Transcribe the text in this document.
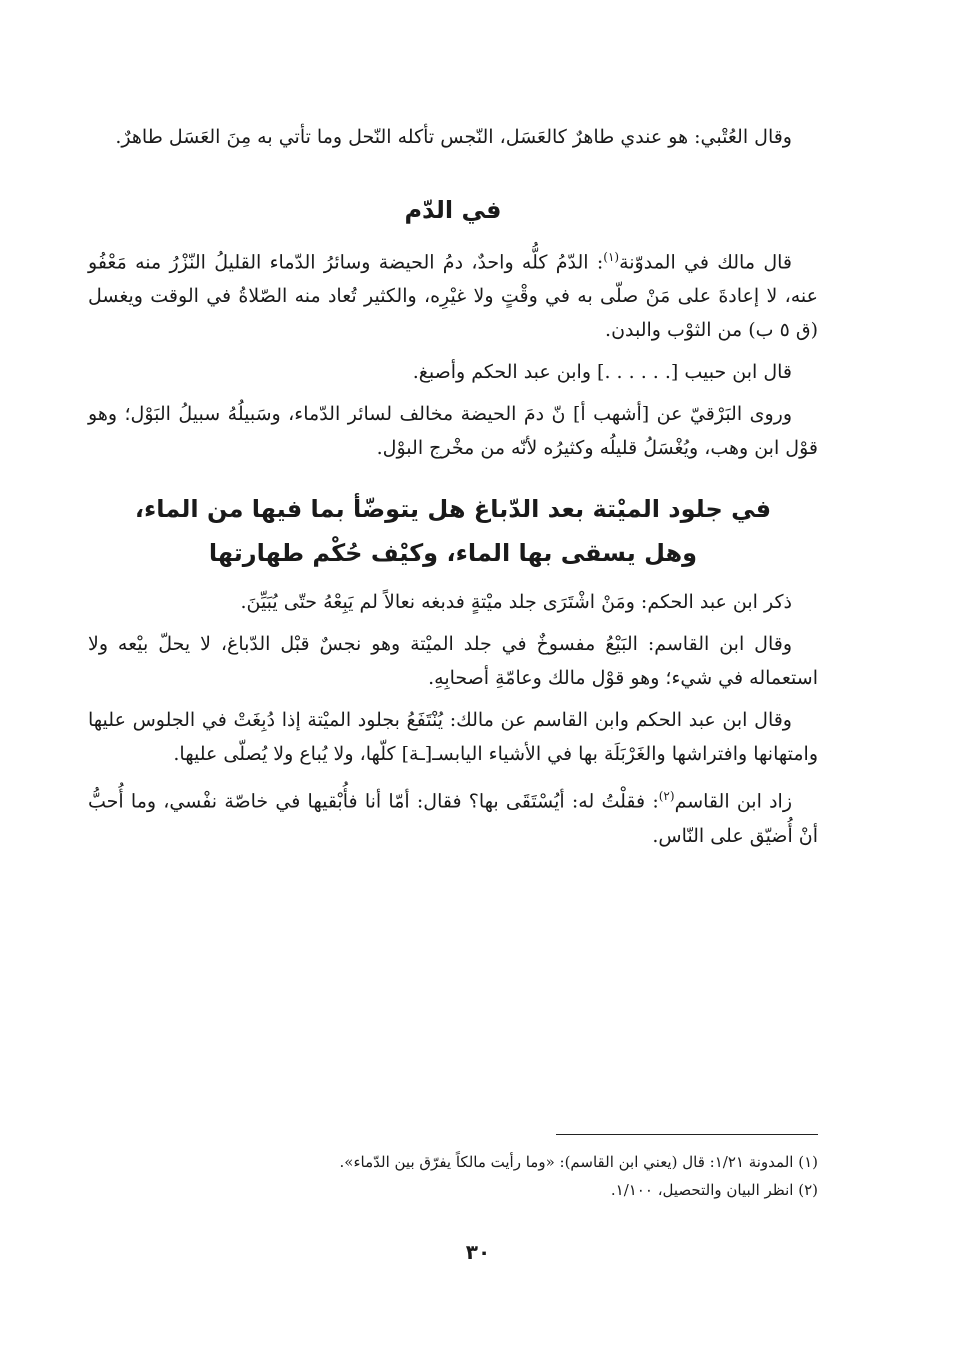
وقال العُتْبي: هو عندي طاهرٌ كالعَسَل، النّجس تأكله النّحل وما تأتي به مِنَ العَسَل طاهرٌ.

في الدّم

قال مالك في المدوّنة$^{(١)}$: الدّمُ كلُّه واحدٌ، دمُ الحيضة وسائرُ الدّماء القليلُ النّزْرُ منه مَعْفُو عنه، لا إعادةَ على مَنْ صلّى به في وقْتٍ ولا غيْرِه، والكثير تُعاد منه الصّلاةُ في الوقت ويغسل (ق ٥ ب) من الثوْب والبدن.

قال ابن حبيب [. . . . . .] وابن عبد الحكم وأصبغ.

وروى البَرْقيّ عن [أشهب أ] نّ دمَ الحيضة مخالف لسائر الدّماء، وسَبيلُهُ سبيلُ البَوْل؛ وهو قوْل ابن وهب، ويُغْسَلُ قليلُه وكثيرُه لأنّه من مخْرج البوْل.

في جلود الميْتة بعد الدّباغ هل يتوضّأ بما فيها من الماء،
وهل يسقى بها الماء، وكيْف حُكْم طهارتها

ذكر ابن عبد الحكم: ومَنْ اشْتَرَى جلد ميْتةٍ فدبغه نعالاً لم يَبِعْهُ حتّى يُبَيِّنَ.

وقال ابن القاسم: البَيْعُ مفسوخٌ في جلد الميْتة وهو نجسٌ قبْل الدّباغ، لا يحلّ بيْعه ولا استعماله في شيء؛ وهو قوْل مالك وعامّةِ أصحابِهِ.

وقال ابن عبد الحكم وابن القاسم عن مالك: يُنْتَفَعُ بجلود الميْتة إذا دُبِغَتْ في الجلوس عليها وامتهانها وافتراشها والغَرْبَلَة بها في الأشياء اليابسـ[ـة] كلّها، ولا يُباع ولا يُصلّى عليها.

زاد ابن القاسم$^{(٢)}$: فقلْتُ له: أيُسْتَقَى بها؟ فقال: أمّا أنا فأُبْقيها في خاصّة نفْسي، وما أُحبُّ أنْ أُضيّق على النّاس.

(١) المدونة ١/٢١: قال (يعني ابن القاسم): «وما رأيت مالكاً يفرّق بين الدّماء».

(٢) انظر البيان والتحصيل، ١/١٠٠.

٣٠
